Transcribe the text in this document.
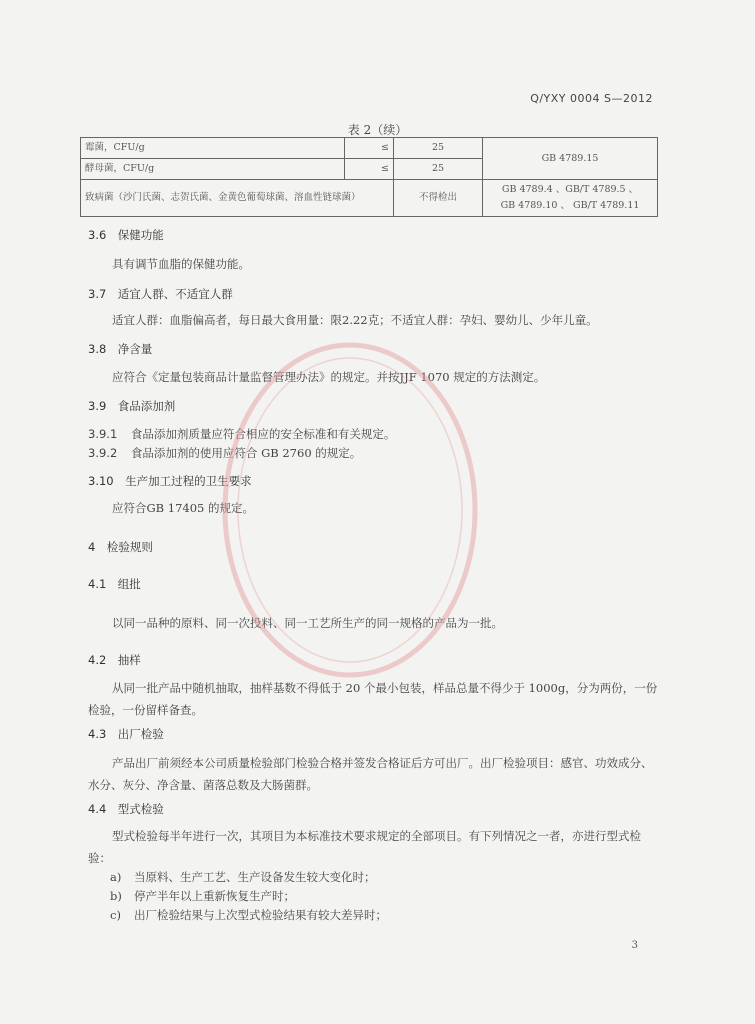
Q/YXY 0004 S—2012
表 2（续）
霉菌，CFU/g	≤	25	GB 4789.15
酵母菌，CFU/g	≤	25	
致病菌（沙门氏菌、志贺氏菌、金黄色葡萄球菌、溶血性链球菌）		不得检出	GB 4789.4 、GB/T 4789.5 、
GB 4789.10 、 GB/T 4789.11
3.6　保健功能
具有调节血脂的保健功能。
3.7　适宜人群、不适宜人群
适宜人群：血脂偏高者，每日最大食用量：限2.22克；不适宜人群：孕妇、婴幼儿、少年儿童。
3.8　净含量
应符合《定量包装商品计量监督管理办法》的规定。并按JJF 1070 规定的方法测定。
3.9　食品添加剂
3.9.1 食品添加剂质量应符合相应的安全标准和有关规定。
3.9.2 食品添加剂的使用应符合 GB 2760 的规定。
3.10　生产加工过程的卫生要求
应符合GB 17405 的规定。
4　检验规则
4.1　组批
以同一品种的原料、同一次投料、同一工艺所生产的同一规格的产品为一批。
4.2　抽样
从同一批产品中随机抽取，抽样基数不得低于 20 个最小包装，样品总量不得少于 1000g，分为两份，一份检验，一份留样备查。
4.3　出厂检验
产品出厂前须经本公司质量检验部门检验合格并签发合格证后方可出厂。出厂检验项目：感官、功效成分、水分、灰分、净含量、菌落总数及大肠菌群。
4.4　型式检验
型式检验每半年进行一次，其项目为本标准技术要求规定的全部项目。有下列情况之一者，亦进行型式检验：
a) 当原料、生产工艺、生产设备发生较大变化时；
b) 停产半年以上重新恢复生产时；
c) 出厂检验结果与上次型式检验结果有较大差异时；
3
